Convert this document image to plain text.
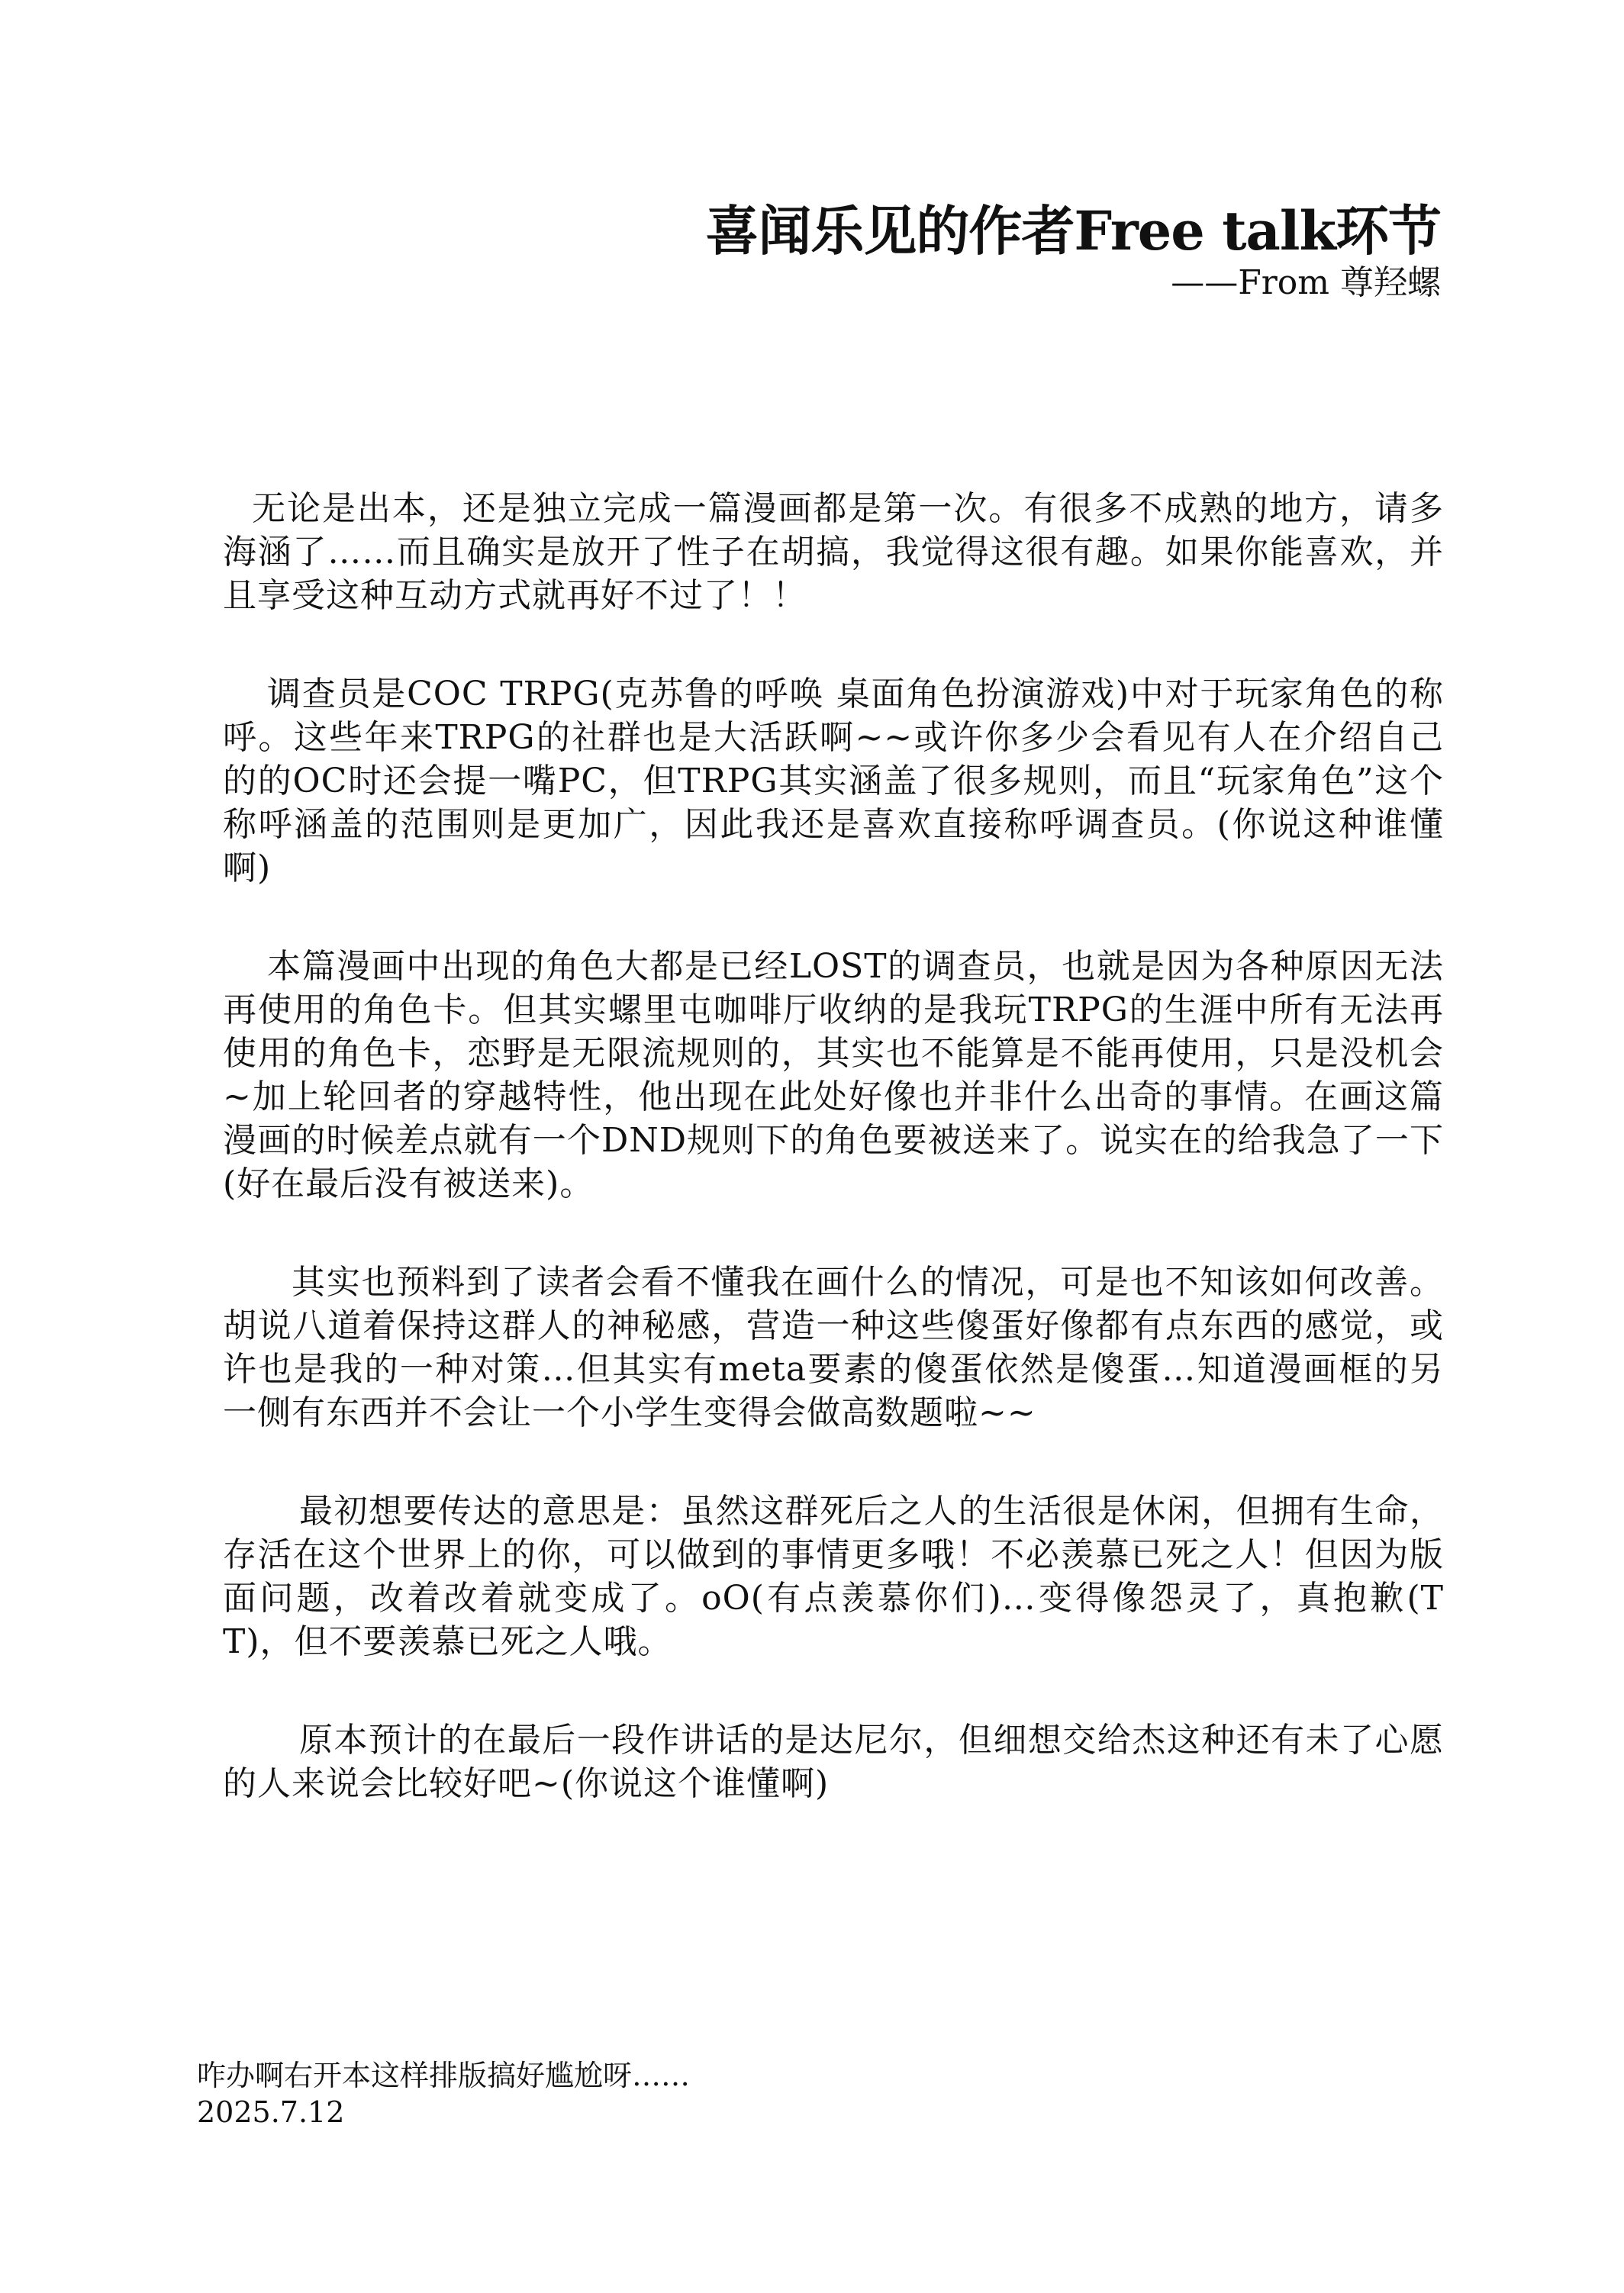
喜闻乐见的作者Free talk环节
——From 尊羟螺

无论是出本，还是独立完成一篇漫画都是第一次。有很多不成熟的地方，请多海涵了……而且确实是放开了性子在胡搞，我觉得这很有趣。如果你能喜欢，并且享受这种互动方式就再好不过了！！

调查员是COC TRPG(克苏鲁的呼唤 桌面角色扮演游戏)中对于玩家角色的称呼。这些年来TRPG的社群也是大活跃啊~~或许你多少会看见有人在介绍自己的的OC时还会提一嘴PC，但TRPG其实涵盖了很多规则，而且“玩家角色”这个称呼涵盖的范围则是更加广，因此我还是喜欢直接称呼调查员。(你说这种谁懂啊)

本篇漫画中出现的角色大都是已经LOST的调查员，也就是因为各种原因无法再使用的角色卡。但其实螺里屯咖啡厅收纳的是我玩TRPG的生涯中所有无法再使用的角色卡，恋野是无限流规则的，其实也不能算是不能再使用，只是没机会~加上轮回者的穿越特性，他出现在此处好像也并非什么出奇的事情。在画这篇漫画的时候差点就有一个DND规则下的角色要被送来了。说实在的给我急了一下(好在最后没有被送来)。

其实也预料到了读者会看不懂我在画什么的情况，可是也不知该如何改善。胡说八道着保持这群人的神秘感，营造一种这些傻蛋好像都有点东西的感觉，或许也是我的一种对策…但其实有meta要素的傻蛋依然是傻蛋…知道漫画框的另一侧有东西并不会让一个小学生变得会做高数题啦~~

最初想要传达的意思是：虽然这群死后之人的生活很是休闲，但拥有生命，存活在这个世界上的你，可以做到的事情更多哦！不必羡慕已死之人！但因为版面问题，改着改着就变成了。oO(有点羡慕你们)…变得像怨灵了，真抱歉(T T)，但不要羡慕已死之人哦。

原本预计的在最后一段作讲话的是达尼尔，但细想交给杰这种还有未了心愿的人来说会比较好吧~(你说这个谁懂啊)

咋办啊右开本这样排版搞好尴尬呀……
2025.7.12
